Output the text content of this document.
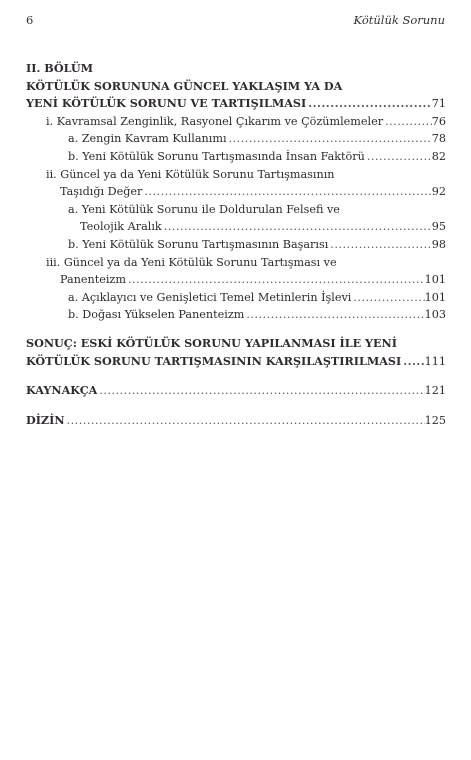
6	Kötülük Sorunu
II. BÖLÜM
KÖTÜLÜK SORUNUNA GÜNCEL YAKLAŞIM YA DA
YENİ KÖTÜLÜK SORUNU VE TARTIŞILMASI .....	71
i. Kavramsal Zenginlik, Rasyonel Çıkarım ve Çözümlemeler .....	76
a. Zengin Kavram Kullanımı .....	78
b. Yeni Kötülük Sorunu Tartışmasında İnsan Faktörü .....	82
ii. Güncel ya da Yeni Kötülük Sorunu Tartışmasının
Taşıdığı Değer .....	92
a. Yeni Kötülük Sorunu ile Doldurulan Felsefi ve
Teolojik Aralık .....	95
b. Yeni Kötülük Sorunu Tartışmasının Başarısı .....	98
iii. Güncel ya da Yeni Kötülük Sorunu Tartışması ve
Panenteizm .....	101
a. Açıklayıcı ve Genişletici Temel Metinlerin İşlevi .....	101
b. Doğası Yükselen Panenteizm .....	103
SONUÇ: ESKİ KÖTÜLÜK SORUNU YAPILANMASI İLE YENİ
KÖTÜLÜK SORUNU TARTIŞMASININ KARŞILAŞTIRILMASI ..... 111
KAYNAKÇA .....	121
DİZİN .....	125
